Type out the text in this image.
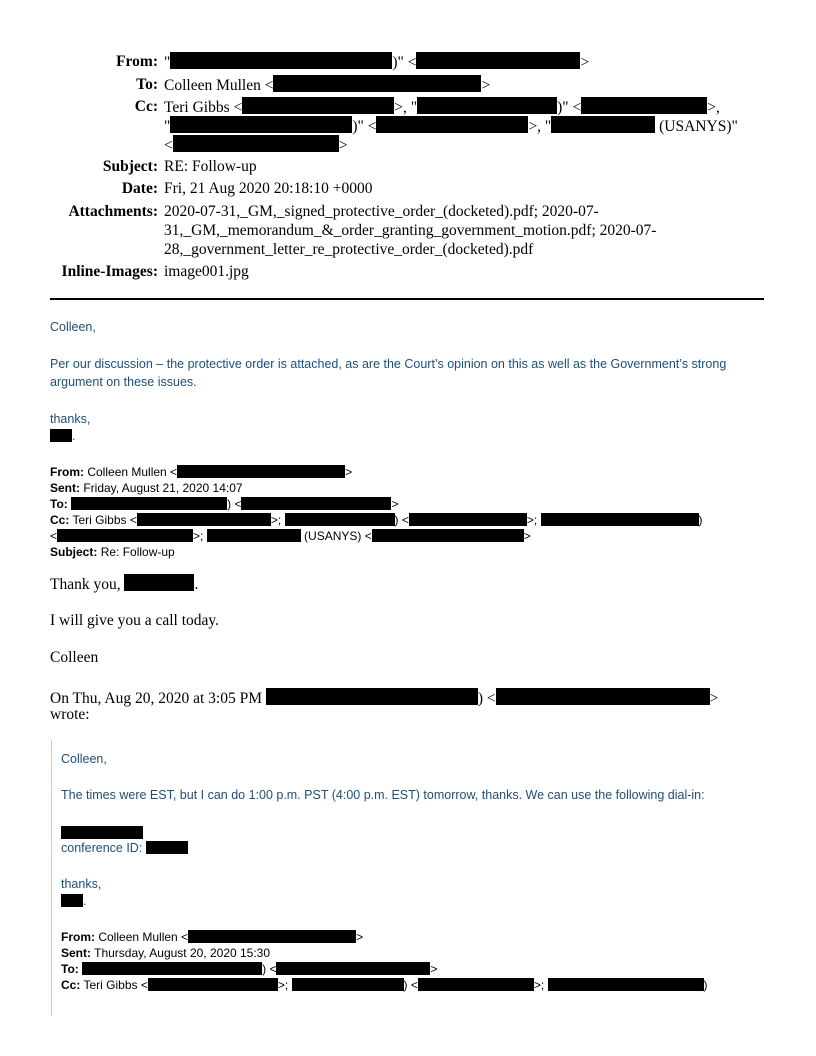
From: "	)" <	>
To: Colleen Mullen <	>
Cc: Teri Gibbs <	>, "	)" <	>,
"	)" <	>, "	(USANYS)"
<	>
Subject: RE: Follow-up
Date: Fri, 21 Aug 2020 20:18:10 +0000
Attachments: 2020-07-31,_GM,_signed_protective_order_(docketed).pdf; 2020-07-
31,_GM,_memorandum_&_order_granting_government_motion.pdf; 2020-07-
28,_government_letter_re_protective_order_(docketed).pdf
Inline-Images: image001.jpg
Colleen,
Per our discussion – the protective order is attached, as are the Court’s opinion on this as well as the Government’s strong
argument on these issues.
thanks,
.
From: Colleen Mullen <	>
Sent: Friday, August 21, 2020 14:07
To:	) <	>
Cc: Teri Gibbs <	>;	) <	>;	)
<	>;	(USANYS) <	>
Subject: Re: Follow-up
Thank you,	.
I will give you a call today.
Colleen
On Thu, Aug 20, 2020 at 3:05 PM	) <	>
wrote:
Colleen,
The times were EST, but I can do 1:00 p.m. PST (4:00 p.m. EST) tomorrow, thanks. We can use the following dial-in:
conference ID:
thanks,
.
From: Colleen Mullen <	>
Sent: Thursday, August 20, 2020 15:30
To:	) <	>
Cc: Teri Gibbs <	>;	) <	>;	)
